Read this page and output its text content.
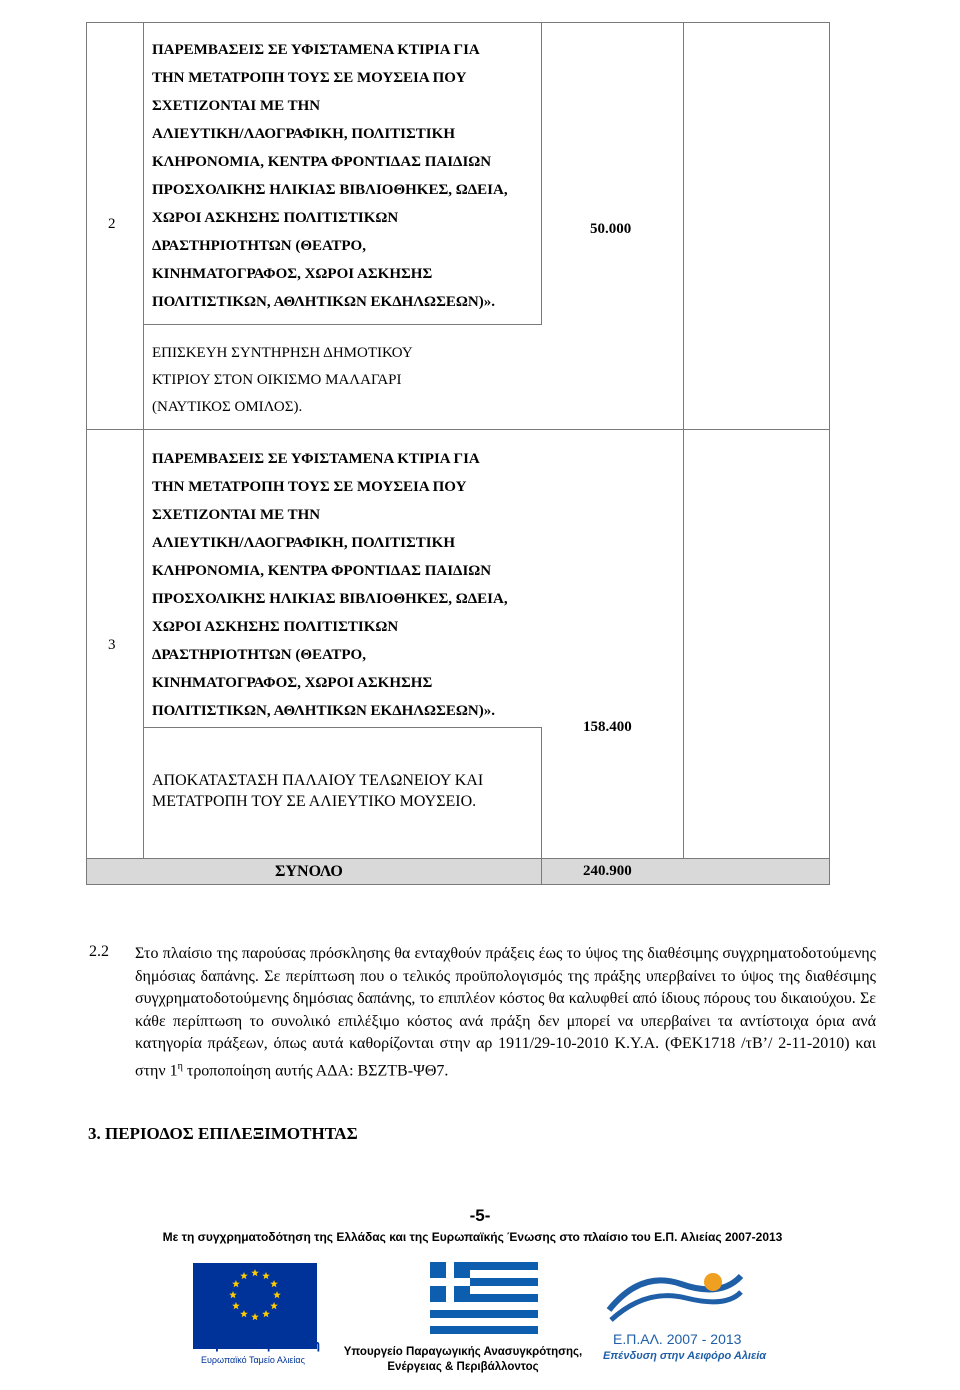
2
ΠΑΡΕΜΒΑΣΕΙΣ ΣΕ ΥΦΙΣΤΑΜΕΝΑ ΚΤΙΡΙΑ ΓΙΑ
ΤΗΝ ΜΕΤΑΤΡΟΠΗ ΤΟΥΣ ΣΕ ΜΟΥΣΕΙΑ ΠΟΥ
ΣΧΕΤΙΖΟΝΤΑΙ ΜΕ ΤΗΝ
ΑΛΙΕΥΤΙΚΗ/ΛΑΟΓΡΑΦΙΚΗ, ΠΟΛΙΤΙΣΤΙΚΗ
ΚΛΗΡΟΝΟΜΙΑ, ΚΕΝΤΡΑ ΦΡΟΝΤΙΔΑΣ ΠΑΙΔΙΩΝ
ΠΡΟΣΧΟΛΙΚΗΣ ΗΛΙΚΙΑΣ ΒΙΒΛΙΟΘΗΚΕΣ, ΩΔΕΙΑ,
ΧΩΡΟΙ ΑΣΚΗΣΗΣ ΠΟΛΙΤΙΣΤΙΚΩΝ
ΔΡΑΣΤΗΡΙΟΤΗΤΩΝ (ΘΕΑΤΡΟ,
ΚΙΝΗΜΑΤΟΓΡΑΦΟΣ, ΧΩΡΟΙ ΑΣΚΗΣΗΣ
ΠΟΛΙΤΙΣΤΙΚΩΝ, ΑΘΛΗΤΙΚΩΝ ΕΚΔΗΛΩΣΕΩΝ)».
50.000
ΕΠΙΣΚΕΥΗ ΣΥΝΤΗΡΗΣΗ ΔΗΜΟΤΙΚΟΥ
ΚΤΙΡΙΟΥ ΣΤΟΝ ΟΙΚΙΣΜΟ ΜΑΛΑΓΑΡΙ
(ΝΑΥΤΙΚΟΣ ΟΜΙΛΟΣ).
3
ΠΑΡΕΜΒΑΣΕΙΣ ΣΕ ΥΦΙΣΤΑΜΕΝΑ ΚΤΙΡΙΑ ΓΙΑ
ΤΗΝ ΜΕΤΑΤΡΟΠΗ ΤΟΥΣ ΣΕ ΜΟΥΣΕΙΑ ΠΟΥ
ΣΧΕΤΙΖΟΝΤΑΙ ΜΕ ΤΗΝ
ΑΛΙΕΥΤΙΚΗ/ΛΑΟΓΡΑΦΙΚΗ, ΠΟΛΙΤΙΣΤΙΚΗ
ΚΛΗΡΟΝΟΜΙΑ, ΚΕΝΤΡΑ ΦΡΟΝΤΙΔΑΣ ΠΑΙΔΙΩΝ
ΠΡΟΣΧΟΛΙΚΗΣ ΗΛΙΚΙΑΣ ΒΙΒΛΙΟΘΗΚΕΣ, ΩΔΕΙΑ,
ΧΩΡΟΙ ΑΣΚΗΣΗΣ ΠΟΛΙΤΙΣΤΙΚΩΝ
ΔΡΑΣΤΗΡΙΟΤΗΤΩΝ (ΘΕΑΤΡΟ,
ΚΙΝΗΜΑΤΟΓΡΑΦΟΣ, ΧΩΡΟΙ ΑΣΚΗΣΗΣ
ΠΟΛΙΤΙΣΤΙΚΩΝ, ΑΘΛΗΤΙΚΩΝ ΕΚΔΗΛΩΣΕΩΝ)».
158.400
ΑΠΟΚΑΤΑΣΤΑΣΗ ΠΑΛΑΙΟΥ ΤΕΛΩΝΕΙΟΥ ΚΑΙ
ΜΕΤΑΤΡΟΠΗ ΤΟΥ ΣΕ ΑΛΙΕΥΤΙΚΟ ΜΟΥΣΕΙΟ.
ΣΥΝΟΛΟ	240.900
2.2 Στο πλαίσιο της παρούσας πρόσκλησης θα ενταχθούν πράξεις έως το ύψος της διαθέσιμης συγχρηματοδοτούμενης δημόσιας δαπάνης. Σε περίπτωση που ο τελικός προϋπολογισμός της πράξης υπερβαίνει το ύψος της διαθέσιμης συγχρηματοδοτούμενης δημόσιας δαπάνης, το επιπλέον κόστος θα καλυφθεί από ίδιους πόρους του δικαιούχου. Σε κάθε περίπτωση το συνολικό επιλέξιμο κόστος ανά πράξη δεν μπορεί να υπερβαίνει τα αντίστοιχα όρια ανά κατηγορία πράξεων, όπως αυτά καθορίζονται στην αρ 1911/29-10-2010 Κ.Υ.Α. (ΦΕΚ1718 /τΒ’/ 2-11-2010) και στην $1^\eta$ τροποποίηση αυτής ΑΔΑ: ΒΣΖΤΒ-ΨΘ7.
3. ΠΕΡΙΟΔΟΣ ΕΠΙΛΕΞΙΜΟΤΗΤΑΣ
-5-
Με τη συγχρηματοδότηση της Ελλάδας και της Ευρωπαϊκής Ένωσης στο πλαίσιο του Ε.Π. Αλιείας 2007-2013
Ευρωπαϊκή Ένωση
Ευρωπαϊκό Ταμείο Αλιείας
Υπουργείο Παραγωγικής Ανασυγκρότησης,
Ενέργειας & Περιβάλλοντος
Ε.Π.ΑΛ. 2007 - 2013
Επένδυση στην Αειφόρο Αλιεία
